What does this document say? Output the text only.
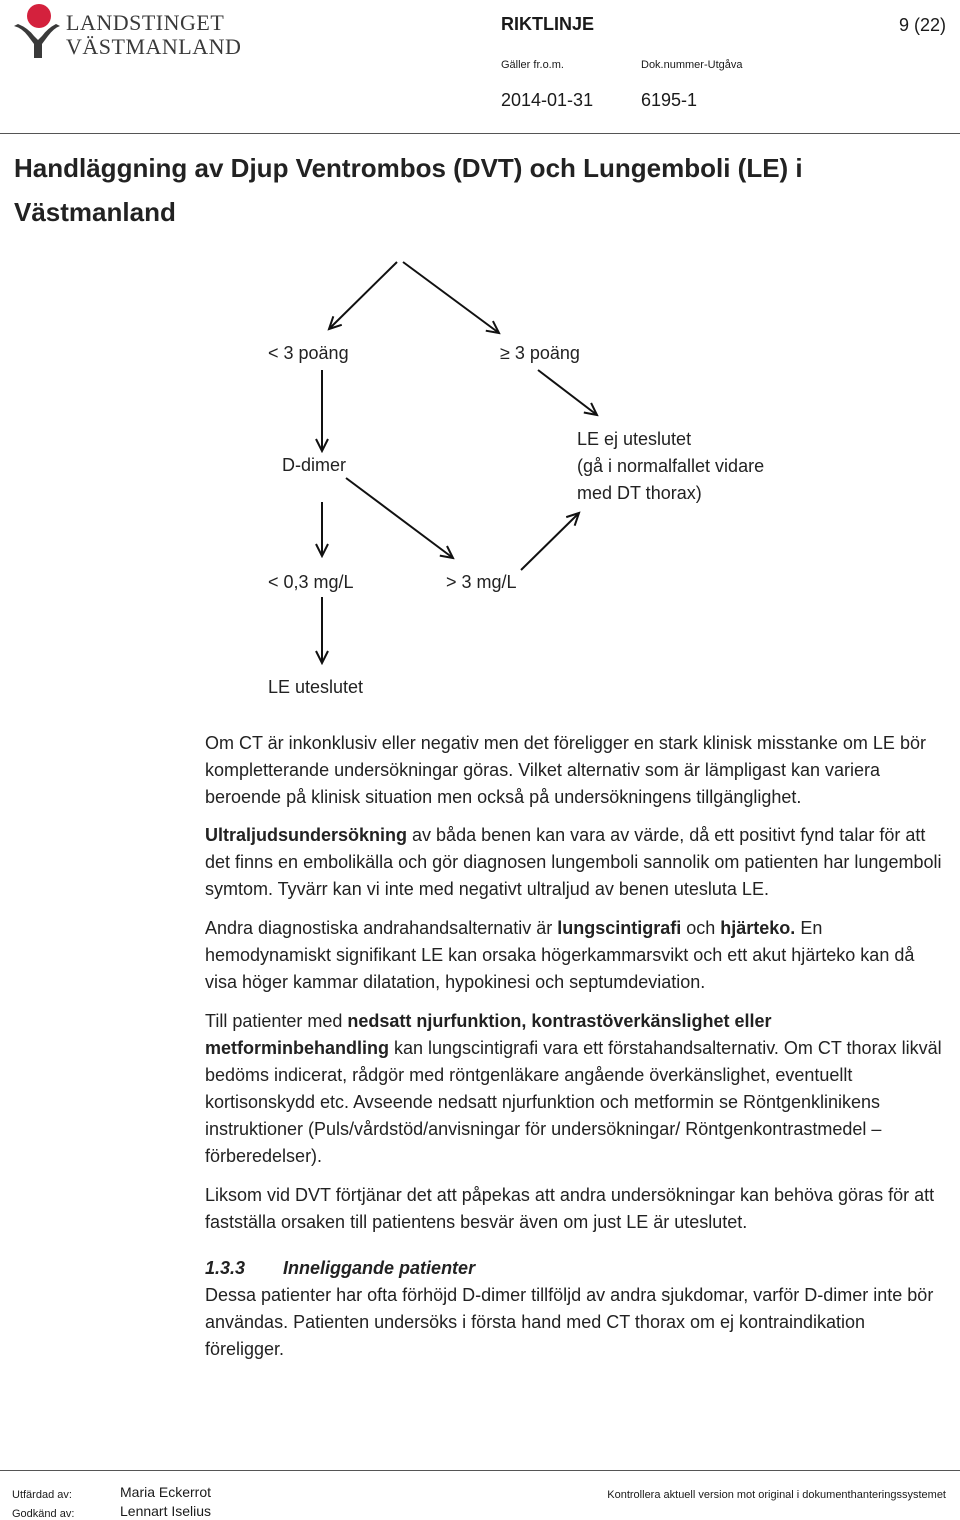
LANDSTINGET
VÄSTMANLAND
RIKTLINJE	9 (22)
Gäller fr.o.m.	Dok.nummer-Utgåva
2014-01-31	6195-1
Handläggning av Djup Ventrombos (DVT) och Lungemboli (LE) i Västmanland
< 3 poäng	≥ 3 poäng
D-dimer
LE ej uteslutet
(gå i normalfallet vidare
med DT thorax)
< 0,3 mg/L	> 3 mg/L
LE uteslutet

Om CT är inkonklusiv eller negativ men det föreligger en stark klinisk misstanke om LE bör kompletterande undersökningar göras. Vilket alternativ som är lämpligast kan variera beroende på klinisk situation men också på undersökningens tillgänglighet.

Ultraljudsundersökning av båda benen kan vara av värde, då ett positivt fynd talar för att det finns en embolikälla och gör diagnosen lungemboli sannolik om patienten har lungemboli symtom. Tyvärr kan vi inte med negativt ultraljud av benen utesluta LE.

Andra diagnostiska andrahandsalternativ är lungscintigrafi och hjärteko. En hemodynamiskt signifikant LE kan orsaka högerkammarsvikt och ett akut hjärteko kan då visa höger kammar dilatation, hypokinesi och septumdeviation.

Till patienter med nedsatt njurfunktion, kontrastöverkänslighet eller metforminbehandling kan lungscintigrafi vara ett förstahandsalternativ. Om CT thorax likväl bedöms indicerat, rådgör med röntgenläkare angående överkänslighet, eventuellt kortisonskydd etc. Avseende nedsatt njurfunktion och metformin se Röntgenklinikens instruktioner (Puls/vårdstöd/anvisningar för undersökningar/ Röntgenkontrastmedel – förberedelser).

Liksom vid DVT förtjänar det att påpekas att andra undersökningar kan behöva göras för att fastställa orsaken till patientens besvär även om just LE är uteslutet.

1.3.3 Inneliggande patienter

Dessa patienter har ofta förhöjd D-dimer tillföljd av andra sjukdomar, varför D-dimer inte bör användas. Patienten undersöks i första hand med CT thorax om ej kontraindikation föreligger.

Utfärdad av:	Maria Eckerrot
Godkänd av:	Lennart Iselius
Kontrollera aktuell version mot original i dokumenthanteringssystemet
